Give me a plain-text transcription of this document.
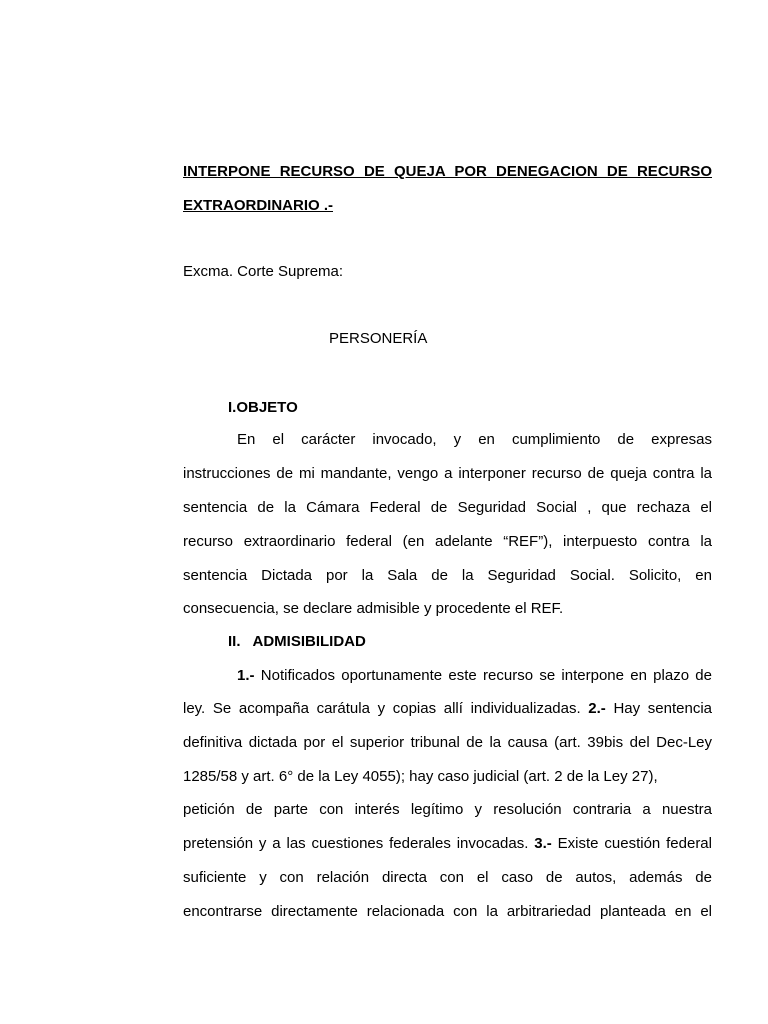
INTERPONE RECURSO DE QUEJA POR DENEGACION DE RECURSO
EXTRAORDINARIO .-
Excma. Corte Suprema:
PERSONERÍA
I.OBJETO
En el carácter invocado, y en cumplimiento de expresas
instrucciones de mi mandante, vengo a interponer recurso de queja contra la
sentencia de la Cámara Federal de Seguridad Social , que rechaza el
recurso extraordinario federal (en adelante “REF”), interpuesto contra la
sentencia Dictada por la Sala de la Seguridad Social. Solicito, en
consecuencia, se declare admisible y procedente el REF.
II. ADMISIBILIDAD
1.- Notificados oportunamente este recurso se interpone en plazo de
ley. Se acompaña carátula y copias allí individualizadas. 2.- Hay sentencia
definitiva dictada por el superior tribunal de la causa (art. 39bis del Dec-Ley
1285/58 y art. 6° de la Ley 4055); hay caso judicial (art. 2 de la Ley 27),
petición de parte con interés legítimo y resolución contraria a nuestra
pretensión y a las cuestiones federales invocadas. 3.- Existe cuestión federal
suficiente y con relación directa con el caso de autos, además de
encontrarse directamente relacionada con la arbitrariedad planteada en el
